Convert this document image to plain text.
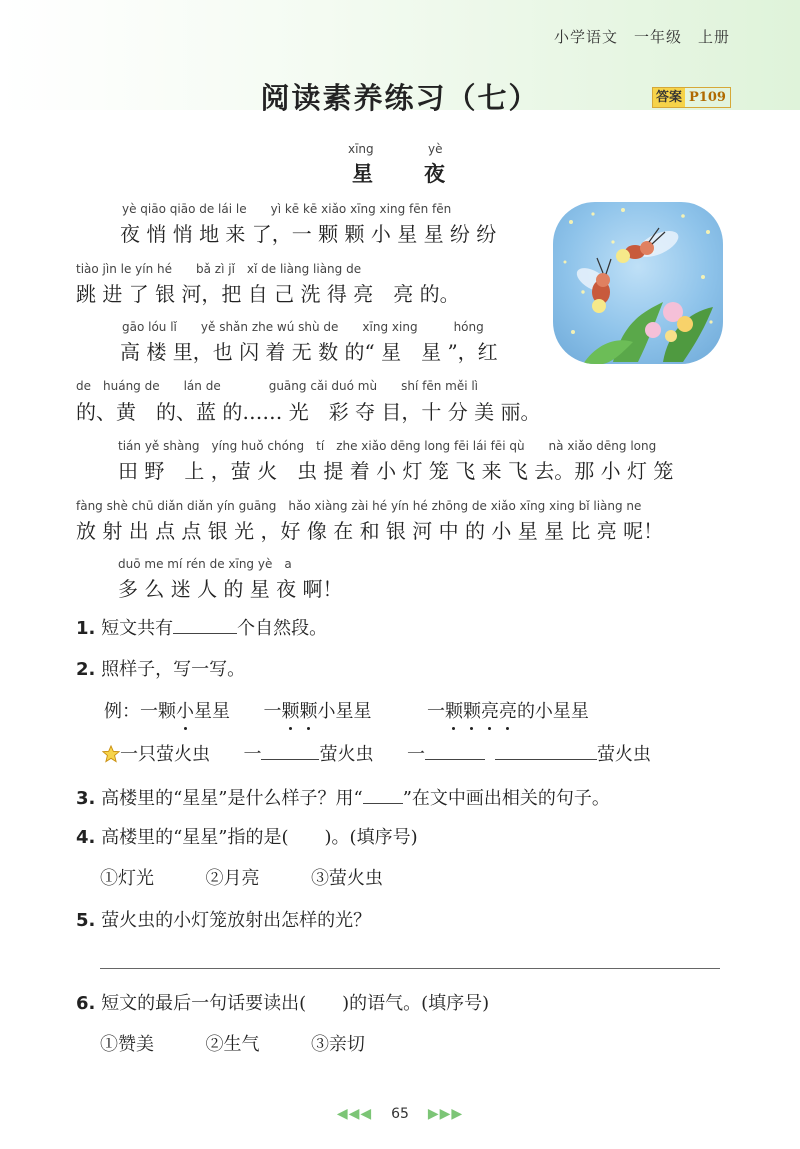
小学语文　一年级　上册
阅读素养练习（七）	答案 P109
xīng	yè
星 夜
yè qiāo qiāo de lái le　　yì kē kē xiǎo xīng xing fēn fēn
夜 悄 悄 地 来 了，一 颗 颗 小 星 星 纷 纷
tiào jìn le yín hé　　bǎ zì jǐ　xǐ de liàng liàng de
跳 进 了 银 河，把 自 己 洗 得 亮　亮 的。
gāo lóu lǐ　　yě shǎn zhe wú shù de　　xīng xing　　　hóng
高 楼 里，也 闪 着 无 数 的“ 星　星 ”，红
de　huáng de　　lán de　　　　guāng cǎi duó mù　　shí fēn měi lì
的、黄　的、蓝 的…… 光　彩 夺 目，十 分 美 丽。
tián yě shàng　yíng huǒ chóng　tí　zhe xiǎo dēng long fēi lái fēi qù　　nà xiǎo dēng long
田 野　上 ，萤 火　虫 提 着 小 灯 笼 飞 来 飞 去。那 小 灯 笼
fàng shè chū diǎn diǎn yín guāng　hǎo xiàng zài hé yín hé zhōng de xiǎo xīng xing bǐ liàng ne
放 射 出 点 点 银 光 ，好 像 在 和 银 河 中 的 小 星 星 比 亮 呢！
duō me mí rén de xīng yè　a
多 么 迷 人 的 星 夜 啊！
1. 短文共有	个自然段。
2. 照样子，写一写。
例：一颗小星星 一颗颗小星星	一颗颗亮亮的小星星
一只萤火虫 一	萤火虫 一	萤火虫
3. 高楼里的“星星”是什么样子？用“ ”在文中画出相关的句子。
4. 高楼里的“星星”指的是(　　)。(填序号)
①灯光	②月亮	③萤火虫
5. 萤火虫的小灯笼放射出怎样的光？
6. 短文的最后一句话要读出(　　)的语气。(填序号)
①赞美	②生气	③亲切
◀◀◀ 65 ▶▶▶
